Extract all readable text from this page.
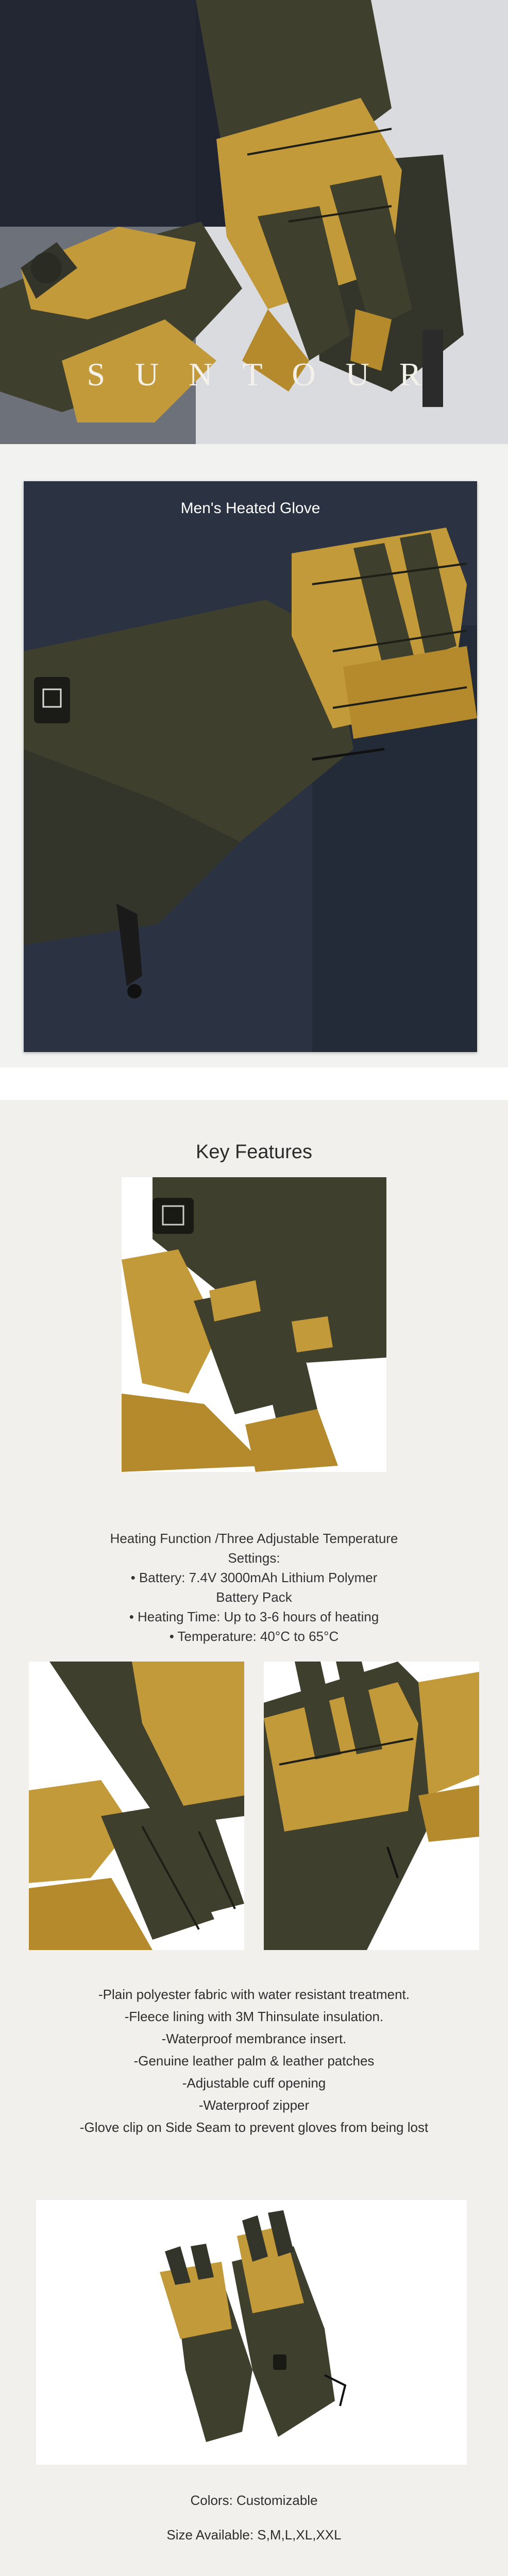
SUNTOUR
Men's Heated Glove
Key Features
Heating Function /Three Adjustable Temperature
Settings:
• Battery: 7.4V 3000mAh Lithium Polymer
Battery Pack
• Heating Time: Up to 3-6 hours of heating
• Temperature: 40°C to 65°C
-Plain polyester fabric with water resistant treatment.
-Fleece lining with 3M Thinsulate insulation.
-Waterproof membrance insert.
-Genuine leather palm & leather patches
-Adjustable cuff opening
-Waterproof zipper
-Glove clip on Side Seam to prevent gloves from being lost
Colors: Customizable
Size Available: S,M,L,XL,XXL
